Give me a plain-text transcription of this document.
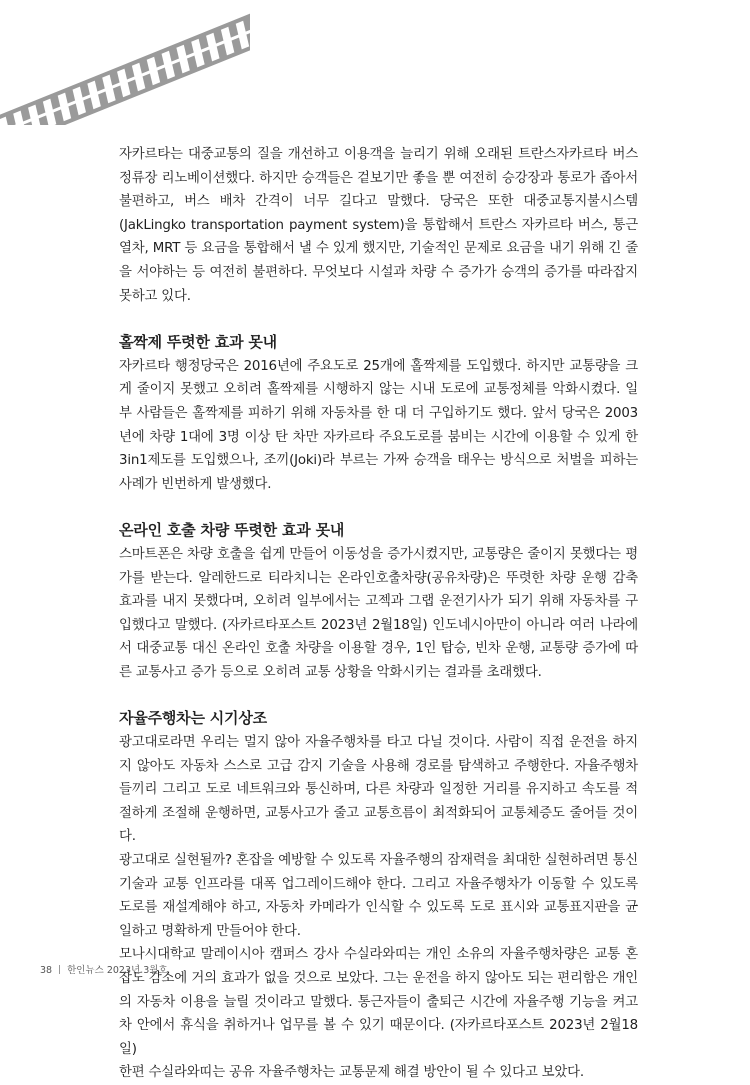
자카르타는 대중교통의 질을 개선하고 이용객을 늘리기 위해 오래된 트란스자카르타 버스 정류장 리노베이션했다. 하지만 승객들은 겉보기만 좋을 뿐 여전히 승강장과 통로가 좁아서 불편하고, 버스 배차 간격이 너무 길다고 말했다. 당국은 또한 대중교통지불시스템(JakLingko transportation payment system)을 통합해서 트란스 자카르타 버스, 통근열차, MRT 등 요금을 통합해서 낼 수 있게 했지만, 기술적인 문제로 요금을 내기 위해 긴 줄을 서야하는 등 여전히 불편하다. 무엇보다 시설과 차량 수 증가가 승객의 증가를 따라잡지 못하고 있다.

홀짝제 뚜렷한 효과 못내

자카르타 행정당국은 2016년에 주요도로 25개에 홀짝제를 도입했다. 하지만 교통량을 크게 줄이지 못했고 오히려 홀짝제를 시행하지 않는 시내 도로에 교통정체를 악화시켰다. 일부 사람들은 홀짝제를 피하기 위해 자동차를 한 대 더 구입하기도 했다. 앞서 당국은 2003년에 차량 1대에 3명 이상 탄 차만 자카르타 주요도로를 붐비는 시간에 이용할 수 있게 한 3in1제도를 도입했으나, 조끼(Joki)라 부르는 가짜 승객을 태우는 방식으로 처벌을 피하는 사례가 빈번하게 발생했다.

온라인 호출 차량 뚜렷한 효과 못내

스마트폰은 차량 호출을 쉽게 만들어 이동성을 증가시켰지만, 교통량은 줄이지 못했다는 평가를 받는다. 알레한드로 티라치니는 온라인호출차량(공유차량)은 뚜렷한 차량 운행 감축 효과를 내지 못했다며, 오히려 일부에서는 고젝과 그랩 운전기사가 되기 위해 자동차를 구입했다고 말했다. (자카르타포스트 2023년 2월18일) 인도네시아만이 아니라 여러 나라에서 대중교통 대신 온라인 호출 차량을 이용할 경우, 1인 탑승, 빈차 운행, 교통량 증가에 따른 교통사고 증가 등으로 오히려 교통 상황을 악화시키는 결과를 초래했다.

자율주행차는 시기상조

광고대로라면 우리는 멀지 않아 자율주행차를 타고 다닐 것이다. 사람이 직접 운전을 하지 지 않아도 자동차 스스로 고급 감지 기술을 사용해 경로를 탐색하고 주행한다. 자율주행차들끼리 그리고 도로 네트워크와 통신하며, 다른 차량과 일정한 거리를 유지하고 속도를 적절하게 조절해 운행하면, 교통사고가 줄고 교통흐름이 최적화되어 교통체증도 줄어들 것이다.

광고대로 실현될까? 혼잡을 예방할 수 있도록 자율주행의 잠재력을 최대한 실현하려면 통신기술과 교통 인프라를 대폭 업그레이드해야 한다. 그리고 자율주행차가 이동할 수 있도록 도로를 재설계해야 하고, 자동차 카메라가 인식할 수 있도록 도로 표시와 교통표지판을 균일하고 명확하게 만들어야 한다.

모나시대학교 말레이시아 캠퍼스 강사 수실라와띠는 개인 소유의 자율주행차량은 교통 혼잡도 감소에 거의 효과가 없을 것으로 보았다. 그는 운전을 하지 않아도 되는 편리함은 개인의 자동차 이용을 늘릴 것이라고 말했다. 통근자들이 출퇴근 시간에 자율주행 기능을 켜고 차 안에서 휴식을 취하거나 업무를 볼 수 있기 때문이다. (자카르타포스트 2023년 2월18일)

한편 수실라와띠는 공유 자율주행차는 교통문제 해결 방안이 될 수 있다고 보았다.

38 한인뉴스 2023년 3월호
